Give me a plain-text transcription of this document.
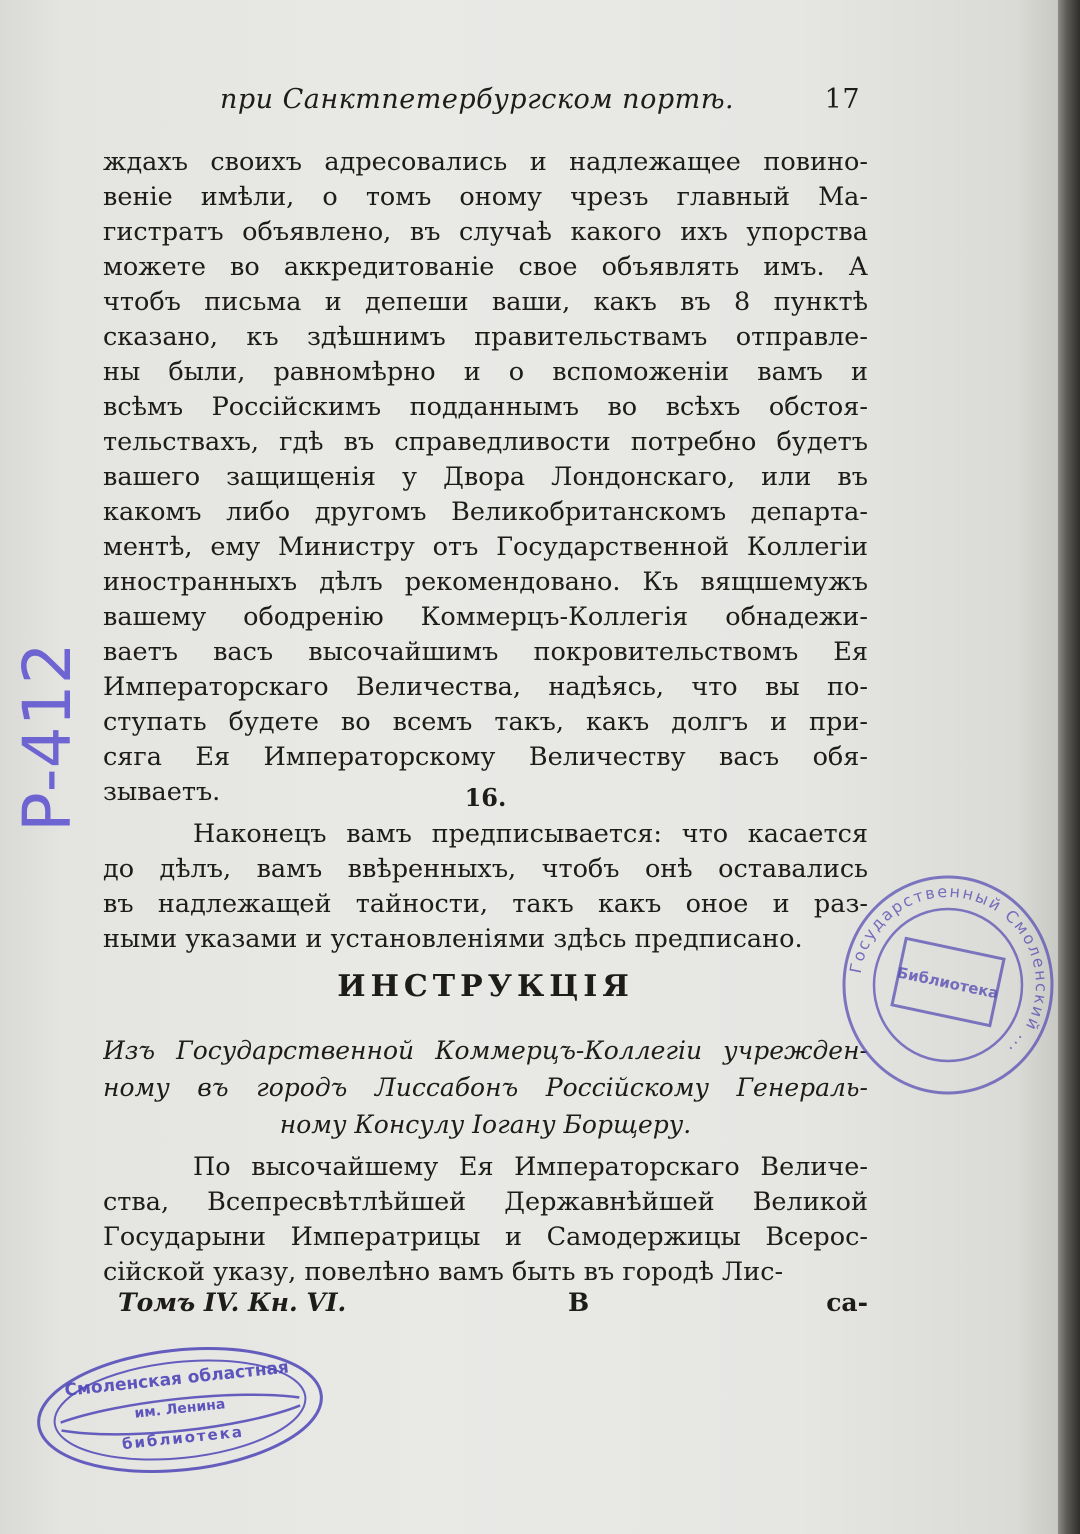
при Санктпетербургском портѣ.	17
ждахъ своихъ адресовались и надлежащее повино-
веніе имѣли, о томъ оному чрезъ главный Ма-
гистратъ объявлено, въ случаѣ какого ихъ упорства
можете во аккредитованіе свое объявлять имъ. А
чтобъ письма и депеши ваши, какъ въ 8 пунктѣ
сказано, къ здѣшнимъ правительствамъ отправле-
ны были, равномѣрно и о вспоможеніи вамъ и
всѣмъ Россійскимъ подданнымъ во всѣхъ обстоя-
тельствахъ, гдѣ въ справедливости потребно будетъ
вашего защищенія у Двора Лондонскаго, или въ
какомъ либо другомъ Великобританскомъ департа-
ментѣ, ему Министру отъ Государственной Коллегіи
иностранныхъ дѣлъ рекомендовано. Къ вящшемужъ
вашему ободренію Коммерцъ-Коллегія обнадежи-
ваетъ васъ высочайшимъ покровительствомъ Ея
Императорскаго Величества, надѣясь, что вы по-
ступать будете во всемъ такъ, какъ долгъ и при-
сяга Ея Императорскому Величеству васъ обя-
зываетъ.	16.
Наконецъ вамъ предписывается: что касается
до дѣлъ, вамъ ввѣренныхъ, чтобъ онѣ оставались
въ надлежащей тайности, такъ какъ оное и раз-
ными указами и установленіями здѣсь предписано.
ИНСТРУКЦІЯ
Изъ Государственной Коммерцъ-Коллегіи учрежден-
ному въ городъ Лиссабонъ Россійскому Генераль-
ному Консулу Іогану Борщеру.
По высочайшему Ея Императорскаго Величе-
ства, Всепресвѣтлѣйшей Державнѣйшей Великой
Государыни Императрицы и Самодержицы Всерос-
сійской указу, повелѣно вамъ быть въ городѣ Лис-
Томъ IV. Кн. VI.	В	са-
Р-412
Государственный Смоленский ...
Библиотека
Смоленская областная
им. Ленина
библиотека
